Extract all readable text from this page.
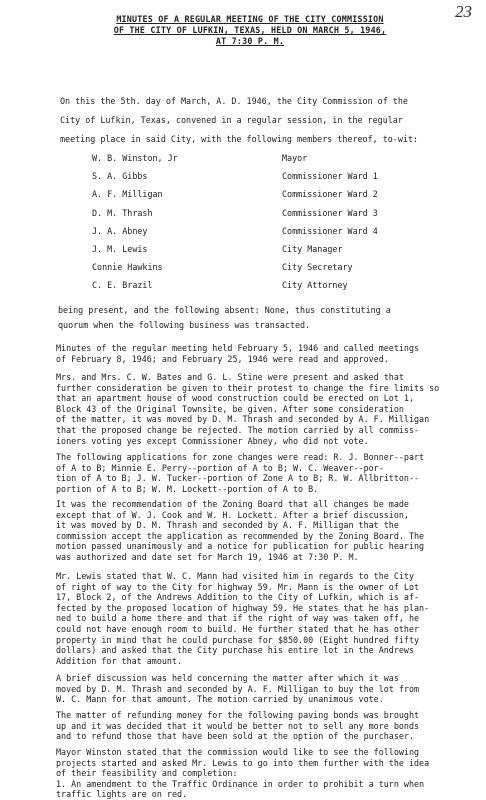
23
MINUTES OF A REGULAR MEETING OF THE CITY COMMISSION
OF THE CITY OF LUFKIN, TEXAS, HELD ON MARCH 5, 1946,
AT 7:30 P. M.
On this the 5th. day of March, A. D. 1946, the City Commission of the
City of Lufkin, Texas, convened in a regular session, in the regular
meeting place in said City, with the following members thereof, to-wit:
W. B. Winston, Jr	Mayor
S. A. Gibbs	Commissioner Ward 1
A. F. Milligan	Commissioner Ward 2
D. M. Thrash	Commissioner Ward 3
J. A. Abney	Commissioner Ward 4
J. M. Lewis	City Manager
Connie Hawkins	City Secretary
C. E. Brazil	City Attorney
being present, and the following absent: None, thus constituting a
quorum when the following business was transacted.
Minutes of the regular meeting held February 5, 1946 and called meetings
of February 8, 1946; and February 25, 1946 were read and approved.
Mrs. and Mrs. C. W. Bates and G. L. Stine were present and asked that
further consideration be given to their protest to change the fire limits so
that an apartment house of wood construction could be erected on Lot 1,
Block 43 of the Original Townsite, be given. After some consideration
of the matter, it was moved by D. M. Thrash and seconded by A. F. Milligan
that the proposed change be rejected. The motion carried by all commiss-
ioners voting yes except Commissioner Abney, who did not vote.
The following applications for zone changes were read: R. J. Bonner--part
of A to B; Minnie E. Perry--portion of A to B; W. C. Weaver--por-
tion of A to B; J. W. Tucker--portion of Zone A to B; R. W. Allbritton--
portion of A to B; W. M. Lockett--portion of A to B.
It was the recommendation of the Zoning Board that all changes be made
except that of W. J. Cook and W. H. Lockett. After a brief discussion,
it was moved by D. M. Thrash and seconded by A. F. Milligan that the
commission accept the application as recommended by the Zoning Board. The
motion passed unanimously and a notice for publication for public hearing
was authorized and date set for March 19, 1946 at 7:30 P. M.
Mr. Lewis stated that W. C. Mann had visited him in regards to the City
of right of way to the City for highway 59. Mr. Mann is the owner of Lot
17, Block 2, of the Andrews Addition to the City of Lufkin, which is af-
fected by the proposed location of highway 59. He states that he has plan-
ned to build a home there and that if the right of way was taken off, he
could not have enough room to build. He further stated that he has other
property in mind that he could purchase for $850.00 (Eight hundred fifty
dollars) and asked that the City purchase his entire lot in the Andrews
Addition for that amount.
A brief discussion was held concerning the matter after which it was
moved by D. M. Thrash and seconded by A. F. Milligan to buy the lot from
W. C. Mann for that amount. The motion carried by unanimous vote.
The matter of refunding money for the following paving bonds was brought
up and it was decided that it would be better not to sell any more bonds
and to refund those that have been sold at the option of the purchaser.
Mayor Winston stated that the commission would like to see the following
projects started and asked Mr. Lewis to go into them further with the idea
of their feasibility and completion:
1. An amendment to the Traffic Ordinance in order to prohibit a turn when
traffic lights are on red.
